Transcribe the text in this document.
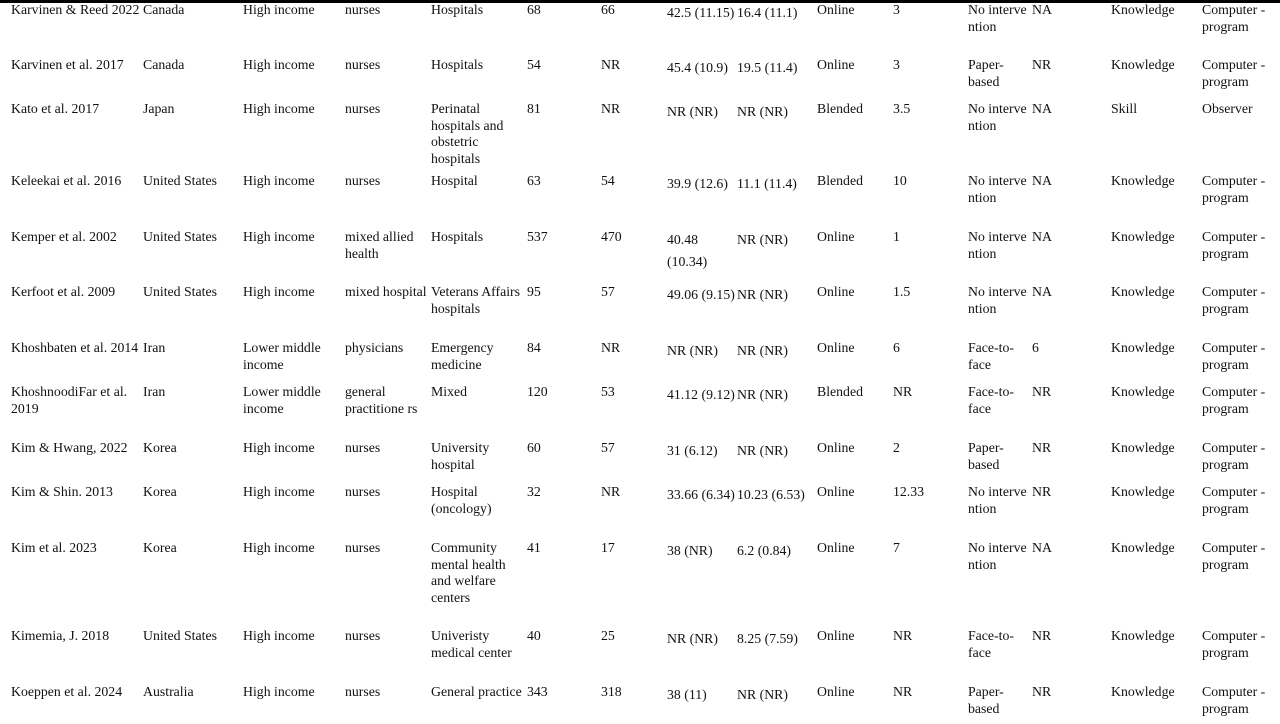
Karvinen & Reed 2022	Canada	High income	nurses	Hospitals	68	66	42.5 (11.15)	16.4 (11.1)	Online	3	No interve ntion	NA	Knowledge	Computer -program
Karvinen et al. 2017	Canada	High income	nurses	Hospitals	54	NR	45.4 (10.9)	19.5 (11.4)	Online	3	Paper-based	NR	Knowledge	Computer -program
Kato et al. 2017	Japan	High income	nurses	Perinatal hospitals and obstetric hospitals	81	NR	NR (NR)	NR (NR)	Blended	3.5	No interve ntion	NA	Skill	Observer
Keleekai et al. 2016	United States	High income	nurses	Hospital	63	54	39.9 (12.6)	11.1 (11.4)	Blended	10	No interve ntion	NA	Knowledge	Computer -program
Kemper et al. 2002	United States	High income	mixed allied health	Hospitals	537	470	40.48 (10.34)	NR (NR)	Online	1	No interve ntion	NA	Knowledge	Computer -program
Kerfoot et al. 2009	United States	High income	mixed hospital	Veterans Affairs hospitals	95	57	49.06 (9.15)	NR (NR)	Online	1.5	No interve ntion	NA	Knowledge	Computer -program
Khoshbaten et al. 2014	Iran	Lower middle income	physicians	Emergency medicine	84	NR	NR (NR)	NR (NR)	Online	6	Face-to-face	6	Knowledge	Computer -program
KhoshnoodiFar et al. 2019	Iran	Lower middle income	general practitione rs	Mixed	120	53	41.12 (9.12)	NR (NR)	Blended	NR	Face-to-face	NR	Knowledge	Computer -program
Kim & Hwang, 2022	Korea	High income	nurses	University hospital	60	57	31 (6.12)	NR (NR)	Online	2	Paper-based	NR	Knowledge	Computer -program
Kim & Shin. 2013	Korea	High income	nurses	Hospital (oncology)	32	NR	33.66 (6.34)	10.23 (6.53)	Online	12.33	No interve ntion	NR	Knowledge	Computer -program
Kim et al. 2023	Korea	High income	nurses	Community mental health and welfare centers	41	17	38 (NR)	6.2 (0.84)	Online	7	No interve ntion	NA	Knowledge	Computer -program
Kimemia, J. 2018	United States	High income	nurses	Univeristy medical center	40	25	NR (NR)	8.25 (7.59)	Online	NR	Face-to-face	NR	Knowledge	Computer -program
Koeppen et al. 2024	Australia	High income	nurses	General practice	343	318	38 (11)	NR (NR)	Online	NR	Paper-based	NR	Knowledge	Computer -program
